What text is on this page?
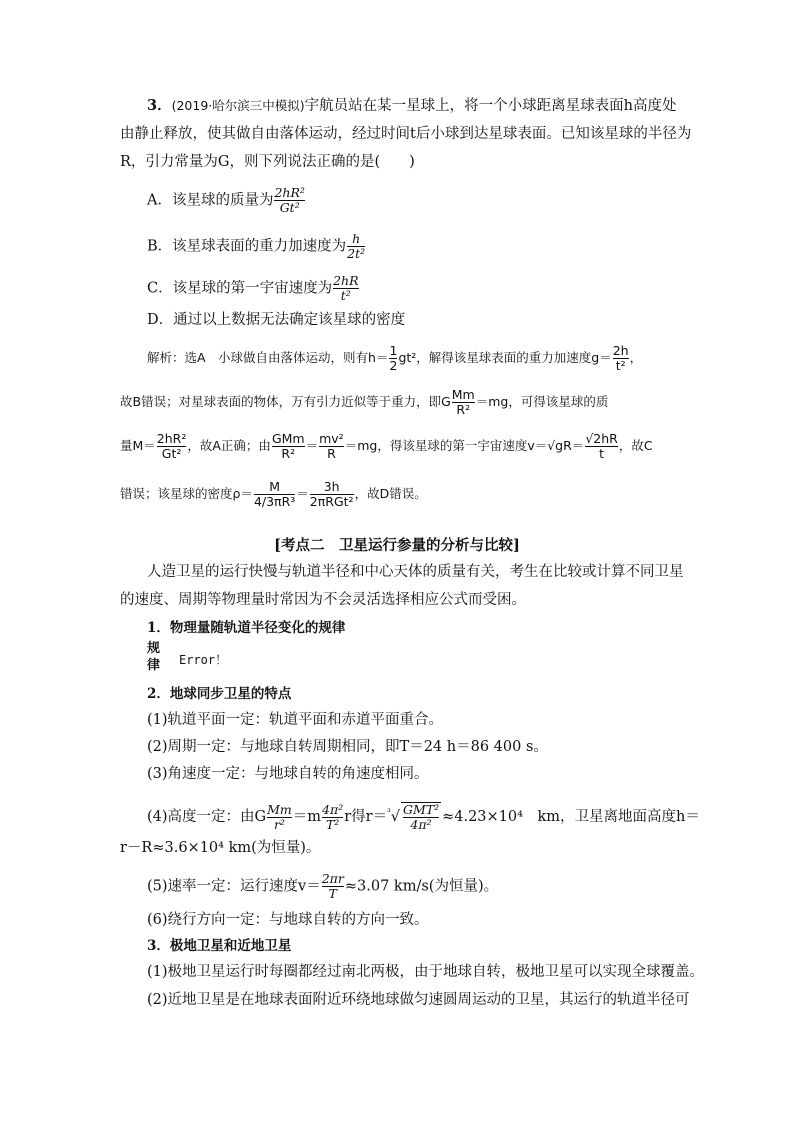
3．(2019·哈尔滨三中模拟)宇航员站在某一星球上，将一个小球距离星球表面h高度处
由静止释放，使其做自由落体运动，经过时间t后小球到达星球表面。已知该星球的半径为
R，引力常量为G，则下列说法正确的是(　　)
A．该星球的质量为 $\frac{\text{2hR²}}{\text{Gt²}}$
B．该星球表面的重力加速度为 $\frac{h}{\text{2t²}}$
C．该星球的第一宇宙速度为 $\frac{2hR}{\text{t²}}$
D．通过以上数据无法确定该星球的密度
解析：选A　小球做自由落体运动，则有$h= \frac{1}{2} gt^2$，解得该星球表面的重力加速度$g= \frac{2h}{\text{t²}}$ ，
故B错误；对星球表面的物体，万有引力近似等于重力，即G $\frac{Mm}{\text{R²}} =mg$，可得该星球的质
量$M= \frac{\text{2hR²}}{\text{Gt²}}$ ，故A正确；由 $\frac{\text{GMm}}{\text{R²}} = \frac{\text{mv²}}{R} =mg$，得该星球的第一宇宙速度$v=√gR= \frac{√2hR}{t}$ ，故C
错误；该星球的密度$\rho= \frac{M}{\text{4/3πR³}} = \frac{3h}{\text{2πRGt²}}$ ，故D错误。
[考点二　卫星运行参量的分析与比较]
人造卫星的运行快慢与轨道半径和中心天体的质量有关，考生在比较或计算不同卫星
的速度、周期等物理量时常因为不会灵活选择相应公式而受困。
1．物理量随轨道半径变化的规律
规律 Error！
2．地球同步卫星的特点
(1)轨道平面一定：轨道平面和赤道平面重合。
(2)周期一定：与地球自转周期相同，即T＝24 h＝86 400 s。
(3)角速度一定：与地球自转的角速度相同。
(4)高度一定：由G $\frac{Mm}{\text{r²}} =m \frac{\text{4π²}}{\text{T²}}$ r得$r=^{^3}√ \frac{\text{GMT²}}{\text{4π²}} \approx 4.23\times 10^4$　km，卫星离地面高度h＝
r－R≈3.6×10⁴ km(为恒量)。
(5)速率一定：运行速度$v= \frac{2\pi r}{T} \approx 3.07$ km/s(为恒量)。
(6)绕行方向一定：与地球自转的方向一致。
3．极地卫星和近地卫星
(1)极地卫星运行时每圈都经过南北两极，由于地球自转，极地卫星可以实现全球覆盖。
(2)近地卫星是在地球表面附近环绕地球做匀速圆周运动的卫星，其运行的轨道半径可
